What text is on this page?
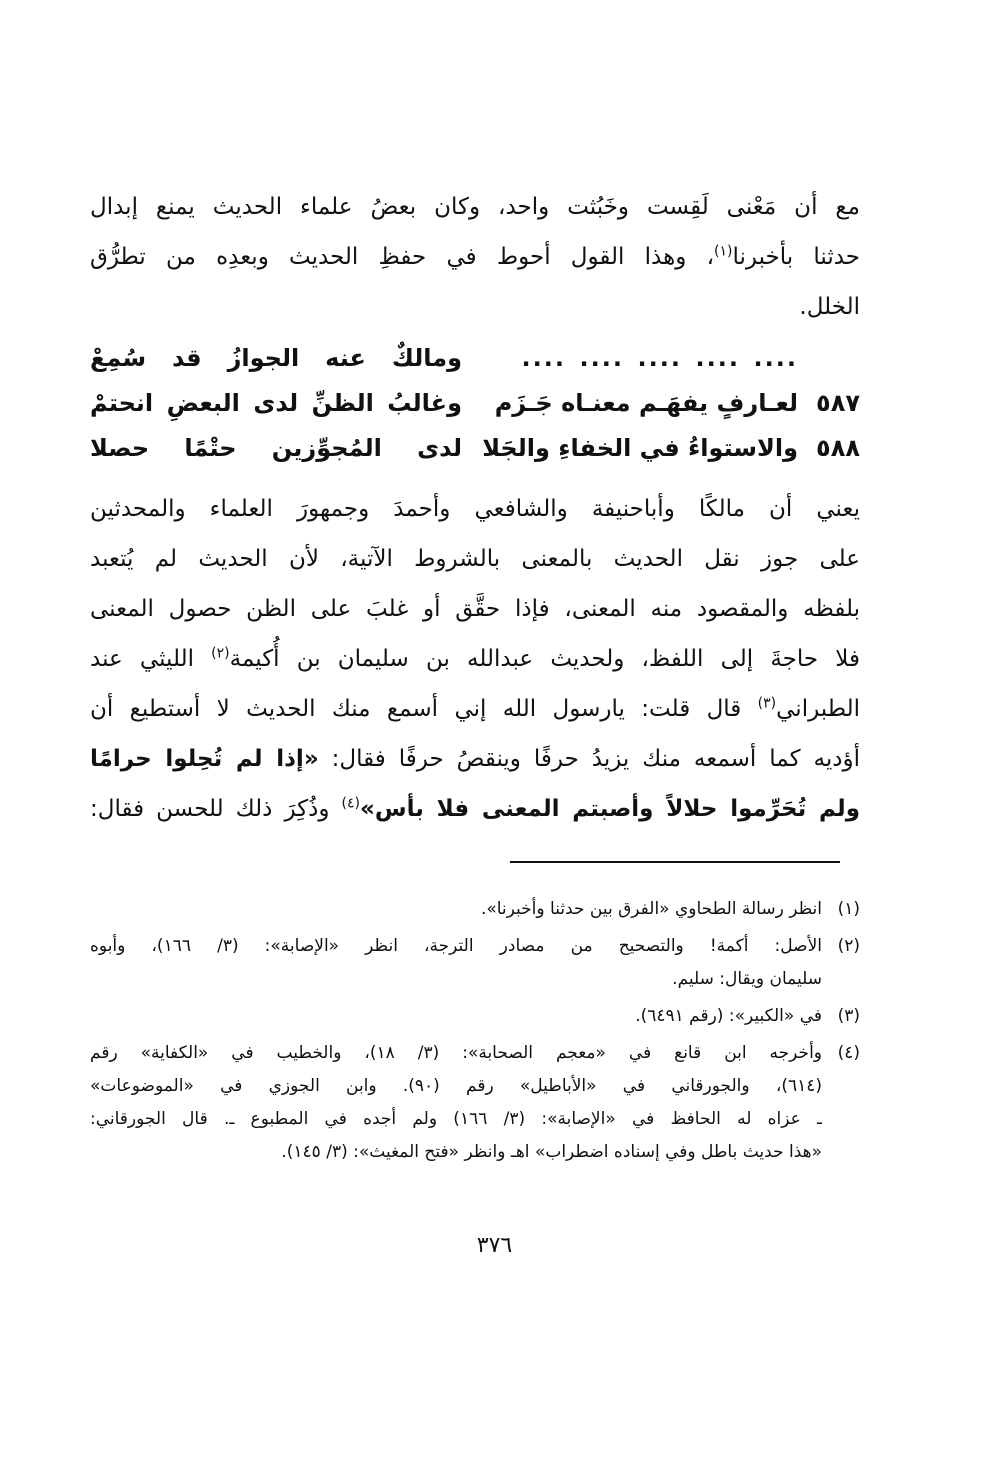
مع أن مَعْنى لَقِست وخَبُثت واحد، وكان بعضُ علماء الحديث يمنع إبدال
حدثنا بأخبرنا$^{(١)}$، وهذا القول أحوط في حفظِ الحديث وبعدِه من تطرُّق
الخلل.
....................
ومالكٌ عنه الجوازُ قد سُمِعْ
٥٨٧
لعـارفٍ يفهَـم معنـاه جَـزَم
وغالبُ الظنِّ لدى البعضِ انحتمْ
٥٨٨
والاستواءُ في الخفاءِ والجَلا
لدى المُجوِّزين حتْمًا حصلا
يعني أن مالكًا وأباحنيفة والشافعي وأحمدَ وجمهورَ العلماء والمحدثين
على جوز نقل الحديث بالمعنى بالشروط الآتية، لأن الحديث لم يُتعبد
بلفظه والمقصود منه المعنى، فإذا حقَّق أو غلبَ على الظن حصول المعنى
فلا حاجةَ إلى اللفظ، ولحديث عبدالله بن سليمان بن أُكيمة$^{(٢)}$ الليثي عند
الطبراني$^{(٣)}$ قال قلت: يارسول الله إني أسمع منك الحديث لا أستطيع أن
أؤديه كما أسمعه منك يزيدُ حرفًا وينقصُ حرفًا فقال: «إذا لم تُحِلوا حرامًا
ولم تُحَرِّموا حلالاً وأصبتم المعنى فلا بأس»$^{(٤)}$ وذُكِرَ ذلك للحسن فقال:
(١)
انظر رسالة الطحاوي «الفرق بين حدثنا وأخبرنا».
(٢)
الأصل: أكمة! والتصحيح من مصادر الترجة، انظر «الإصابة»: (٣/ ١٦٦)، وأبوه
سليمان ويقال: سليم.
(٣)
في «الكبير»: (رقم ٦٤٩١).
(٤)
وأخرجه ابن قانع في «معجم الصحابة»: (٣/ ١٨)، والخطيب في «الكفاية» رقم
(٦١٤)، والجورقاني في «الأباطيل» رقم (٩٠). وابن الجوزي في «الموضوعات»
ـ عزاه له الحافظ في «الإصابة»: (٣/ ١٦٦) ولم أجده في المطبوع ـ. قال الجورقاني:
«هذا حديث باطل وفي إسناده اضطراب» اهـ وانظر «فتح المغيث»: (٣/ ١٤٥).
٣٧٦
